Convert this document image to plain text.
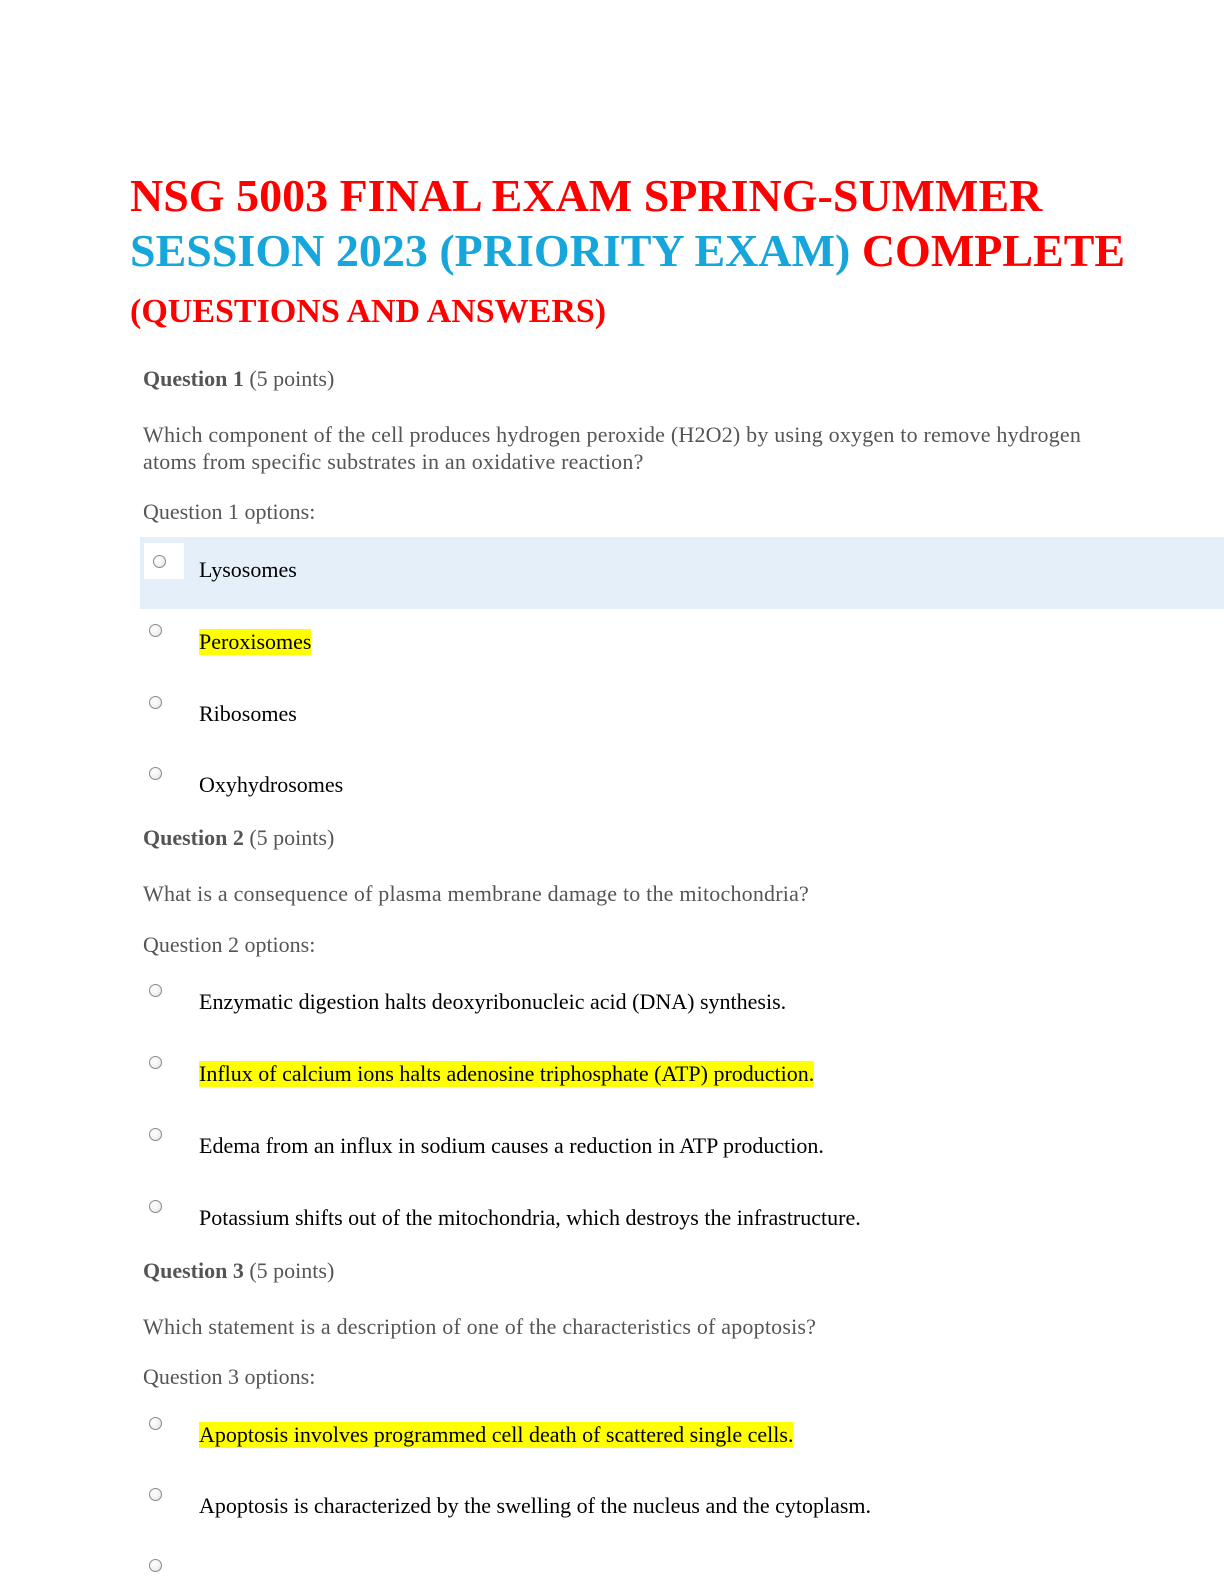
NSG 5003 FINAL EXAM SPRING-SUMMER
SESSION 2023 (PRIORITY EXAM) COMPLETE
(QUESTIONS AND ANSWERS)
Question 1 (5 points)
Which component of the cell produces hydrogen peroxide (H2O2) by using oxygen to remove hydrogen atoms from specific substrates in an oxidative reaction?
Question 1 options:
Lysosomes
Peroxisomes
Ribosomes
Oxyhydrosomes
Question 2 (5 points)
What is a consequence of plasma membrane damage to the mitochondria?
Question 2 options:
Enzymatic digestion halts deoxyribonucleic acid (DNA) synthesis.
Influx of calcium ions halts adenosine triphosphate (ATP) production.
Edema from an influx in sodium causes a reduction in ATP production.
Potassium shifts out of the mitochondria, which destroys the infrastructure.
Question 3 (5 points)
Which statement is a description of one of the characteristics of apoptosis?
Question 3 options:
Apoptosis involves programmed cell death of scattered single cells.
Apoptosis is characterized by the swelling of the nucleus and the cytoplasm.
